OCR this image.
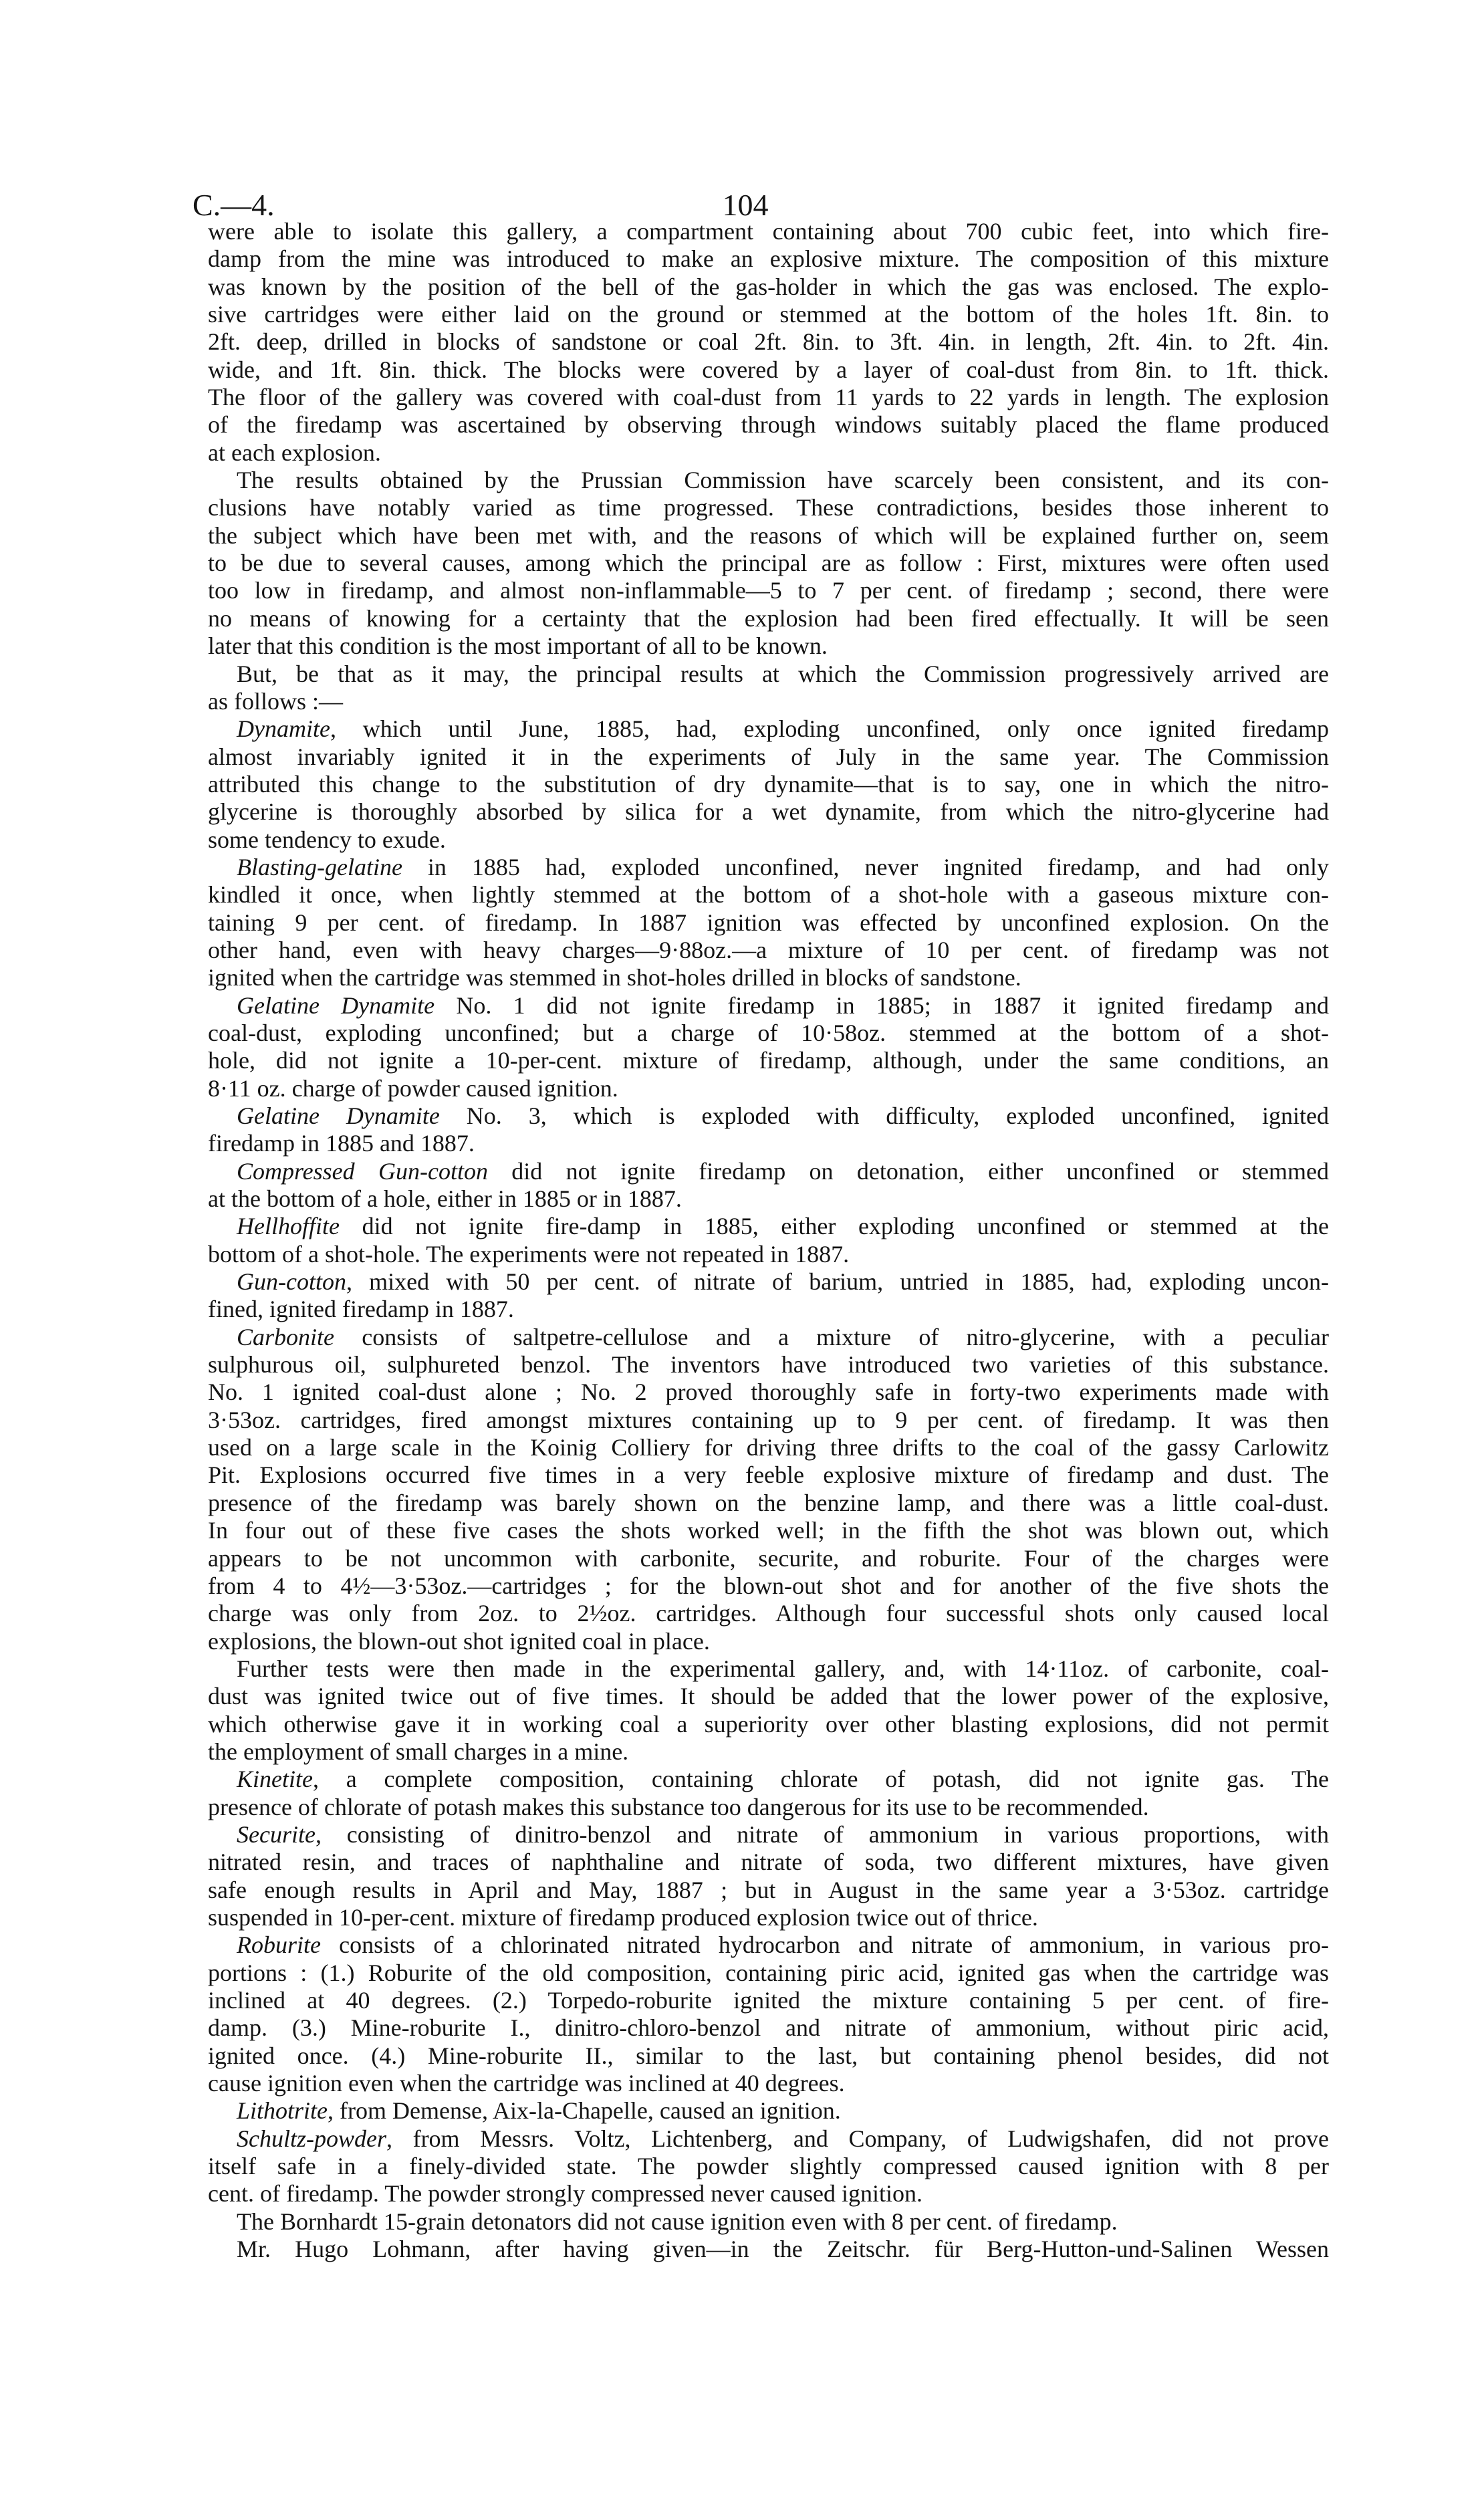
C.—4.	104
were able to isolate this gallery, a compartment containing about 700 cubic feet, into which fire-
damp from the mine was introduced to make an explosive mixture. The composition of this mixture
was known by the position of the bell of the gas-holder in which the gas was enclosed. The explo-
sive cartridges were either laid on the ground or stemmed at the bottom of the holes 1ft. 8in. to
2ft. deep, drilled in blocks of sandstone or coal 2ft. 8in. to 3ft. 4in. in length, 2ft. 4in. to 2ft. 4in.
wide, and 1ft. 8in. thick. The blocks were covered by a layer of coal-dust from 8in. to 1ft. thick.
The floor of the gallery was covered with coal-dust from 11 yards to 22 yards in length. The explosion
of the firedamp was ascertained by observing through windows suitably placed the flame produced
at each explosion.
The results obtained by the Prussian Commission have scarcely been consistent, and its con-
clusions have notably varied as time progressed. These contradictions, besides those inherent to
the subject which have been met with, and the reasons of which will be explained further on, seem
to be due to several causes, among which the principal are as follow : First, mixtures were often used
too low in firedamp, and almost non-inflammable—5 to 7 per cent. of firedamp ; second, there were
no means of knowing for a certainty that the explosion had been fired effectually. It will be seen
later that this condition is the most important of all to be known.
But, be that as it may, the principal results at which the Commission progressively arrived are
as follows :—
Dynamite, which until June, 1885, had, exploding unconfined, only once ignited firedamp
almost invariably ignited it in the experiments of July in the same year. The Commission
attributed this change to the substitution of dry dynamite—that is to say, one in which the nitro-
glycerine is thoroughly absorbed by silica for a wet dynamite, from which the nitro-glycerine had
some tendency to exude.
Blasting-gelatine in 1885 had, exploded unconfined, never ingnited firedamp, and had only
kindled it once, when lightly stemmed at the bottom of a shot-hole with a gaseous mixture con-
taining 9 per cent. of firedamp. In 1887 ignition was effected by unconfined explosion. On the
other hand, even with heavy charges—9·88oz.—a mixture of 10 per cent. of firedamp was not
ignited when the cartridge was stemmed in shot-holes drilled in blocks of sandstone.
Gelatine Dynamite No. 1 did not ignite firedamp in 1885; in 1887 it ignited firedamp and
coal-dust, exploding unconfined; but a charge of 10·58oz. stemmed at the bottom of a shot-
hole, did not ignite a 10-per-cent. mixture of firedamp, although, under the same conditions, an
8·11 oz. charge of powder caused ignition.
Gelatine Dynamite No. 3, which is exploded with difficulty, exploded unconfined, ignited
firedamp in 1885 and 1887.
Compressed Gun-cotton did not ignite firedamp on detonation, either unconfined or stemmed
at the bottom of a hole, either in 1885 or in 1887.
Hellhoffite did not ignite fire-damp in 1885, either exploding unconfined or stemmed at the
bottom of a shot-hole. The experiments were not repeated in 1887.
Gun-cotton, mixed with 50 per cent. of nitrate of barium, untried in 1885, had, exploding uncon-
fined, ignited firedamp in 1887.
Carbonite consists of saltpetre-cellulose and a mixture of nitro-glycerine, with a peculiar
sulphurous oil, sulphureted benzol. The inventors have introduced two varieties of this substance.
No. 1 ignited coal-dust alone ; No. 2 proved thoroughly safe in forty-two experiments made with
3·53oz. cartridges, fired amongst mixtures containing up to 9 per cent. of firedamp. It was then
used on a large scale in the Koinig Colliery for driving three drifts to the coal of the gassy Carlowitz
Pit. Explosions occurred five times in a very feeble explosive mixture of firedamp and dust. The
presence of the firedamp was barely shown on the benzine lamp, and there was a little coal-dust.
In four out of these five cases the shots worked well; in the fifth the shot was blown out, which
appears to be not uncommon with carbonite, securite, and roburite. Four of the charges were
from 4 to 4½—3·53oz.—cartridges ; for the blown-out shot and for another of the five shots the
charge was only from 2oz. to 2½oz. cartridges. Although four successful shots only caused local
explosions, the blown-out shot ignited coal in place.
Further tests were then made in the experimental gallery, and, with 14·11oz. of carbonite, coal-
dust was ignited twice out of five times. It should be added that the lower power of the explosive,
which otherwise gave it in working coal a superiority over other blasting explosions, did not permit
the employment of small charges in a mine.
Kinetite, a complete composition, containing chlorate of potash, did not ignite gas. The
presence of chlorate of potash makes this substance too dangerous for its use to be recommended.
Securite, consisting of dinitro-benzol and nitrate of ammonium in various proportions, with
nitrated resin, and traces of naphthaline and nitrate of soda, two different mixtures, have given
safe enough results in April and May, 1887 ; but in August in the same year a 3·53oz. cartridge
suspended in 10-per-cent. mixture of firedamp produced explosion twice out of thrice.
Roburite consists of a chlorinated nitrated hydrocarbon and nitrate of ammonium, in various pro-
portions : (1.) Roburite of the old composition, containing piric acid, ignited gas when the cartridge was
inclined at 40 degrees. (2.) Torpedo-roburite ignited the mixture containing 5 per cent. of fire-
damp. (3.) Mine-roburite I., dinitro-chloro-benzol and nitrate of ammonium, without piric acid,
ignited once. (4.) Mine-roburite II., similar to the last, but containing phenol besides, did not
cause ignition even when the cartridge was inclined at 40 degrees.
Lithotrite, from Demense, Aix-la-Chapelle, caused an ignition.
Schultz-powder, from Messrs. Voltz, Lichtenberg, and Company, of Ludwigshafen, did not prove
itself safe in a finely-divided state. The powder slightly compressed caused ignition with 8 per
cent. of firedamp. The powder strongly compressed never caused ignition.
The Bornhardt 15-grain detonators did not cause ignition even with 8 per cent. of firedamp.
Mr. Hugo Lohmann, after having given—in the Zeitschr. für Berg-Hutton-und-Salinen Wessen
